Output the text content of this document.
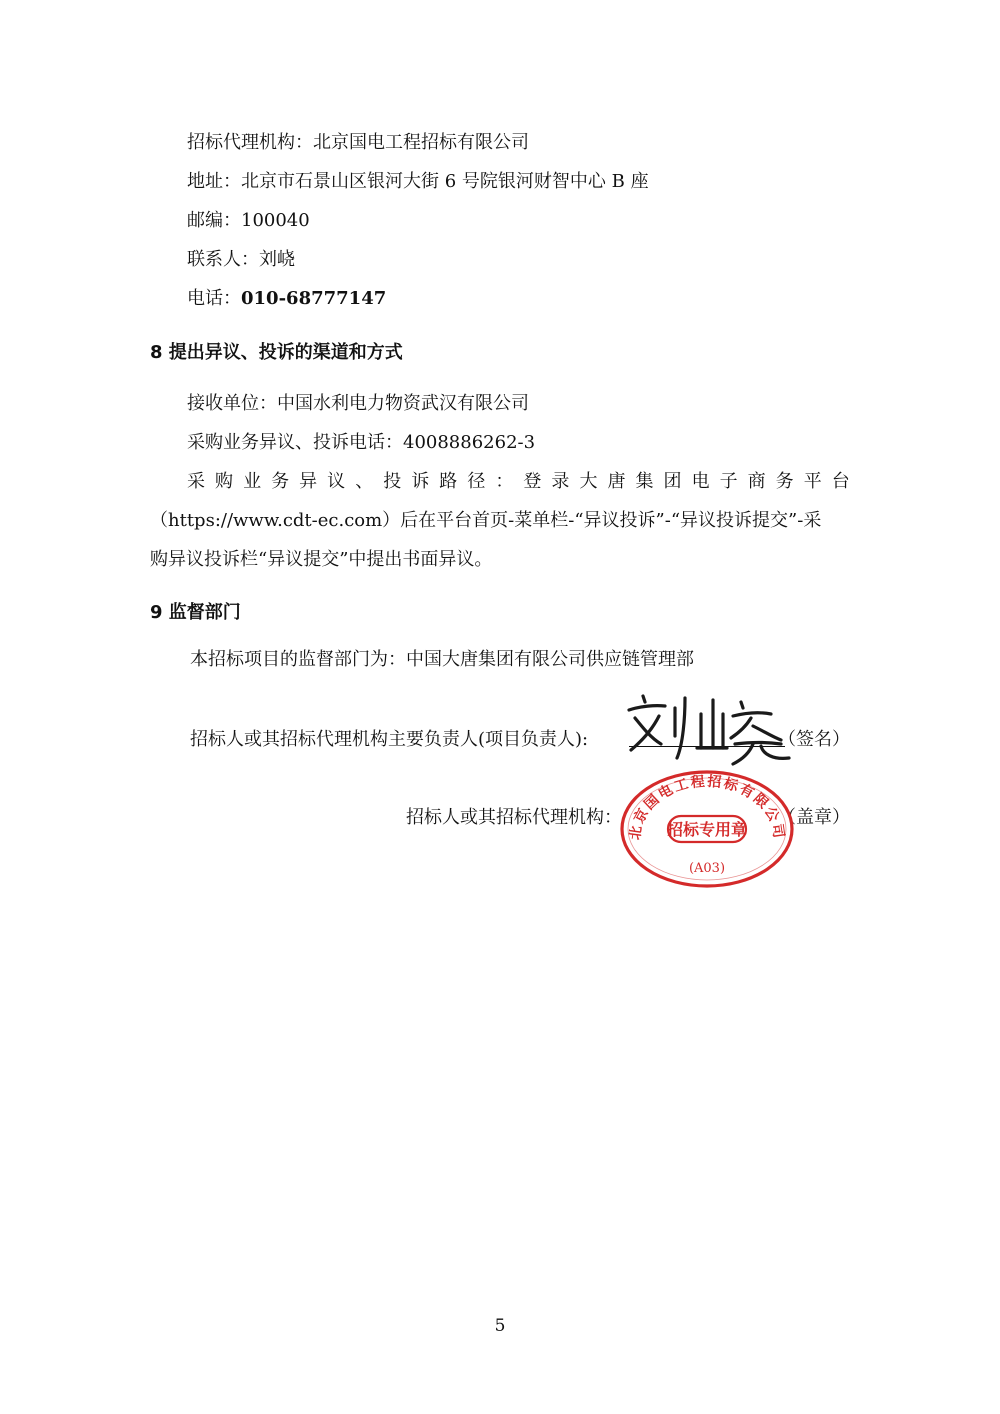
招标代理机构：北京国电工程招标有限公司
地址：北京市石景山区银河大街 6 号院银河财智中心 B 座
邮编：100040
联系人：刘峣
电话：010-68777147
8 提出异议、投诉的渠道和方式
接收单位：中国水利电力物资武汉有限公司
采购业务异议、投诉电话：4008886262-3
采 购 业 务 异 议 、 投 诉 路 径 ： 登 录 大 唐 集 团 电 子 商 务 平 台
（https://www.cdt-ec.com）后在平台首页-菜单栏-“异议投诉”-“异议投诉提交”-采
购异议投诉栏“异议提交”中提出书面异议。
9 监督部门
本招标项目的监督部门为：中国大唐集团有限公司供应链管理部
招标人或其招标代理机构主要负责人(项目负责人):	（签名）
招标人或其招标代理机构：	（盖章）
北京国电工程招标有限公司
招标专用章
(A03)
5
